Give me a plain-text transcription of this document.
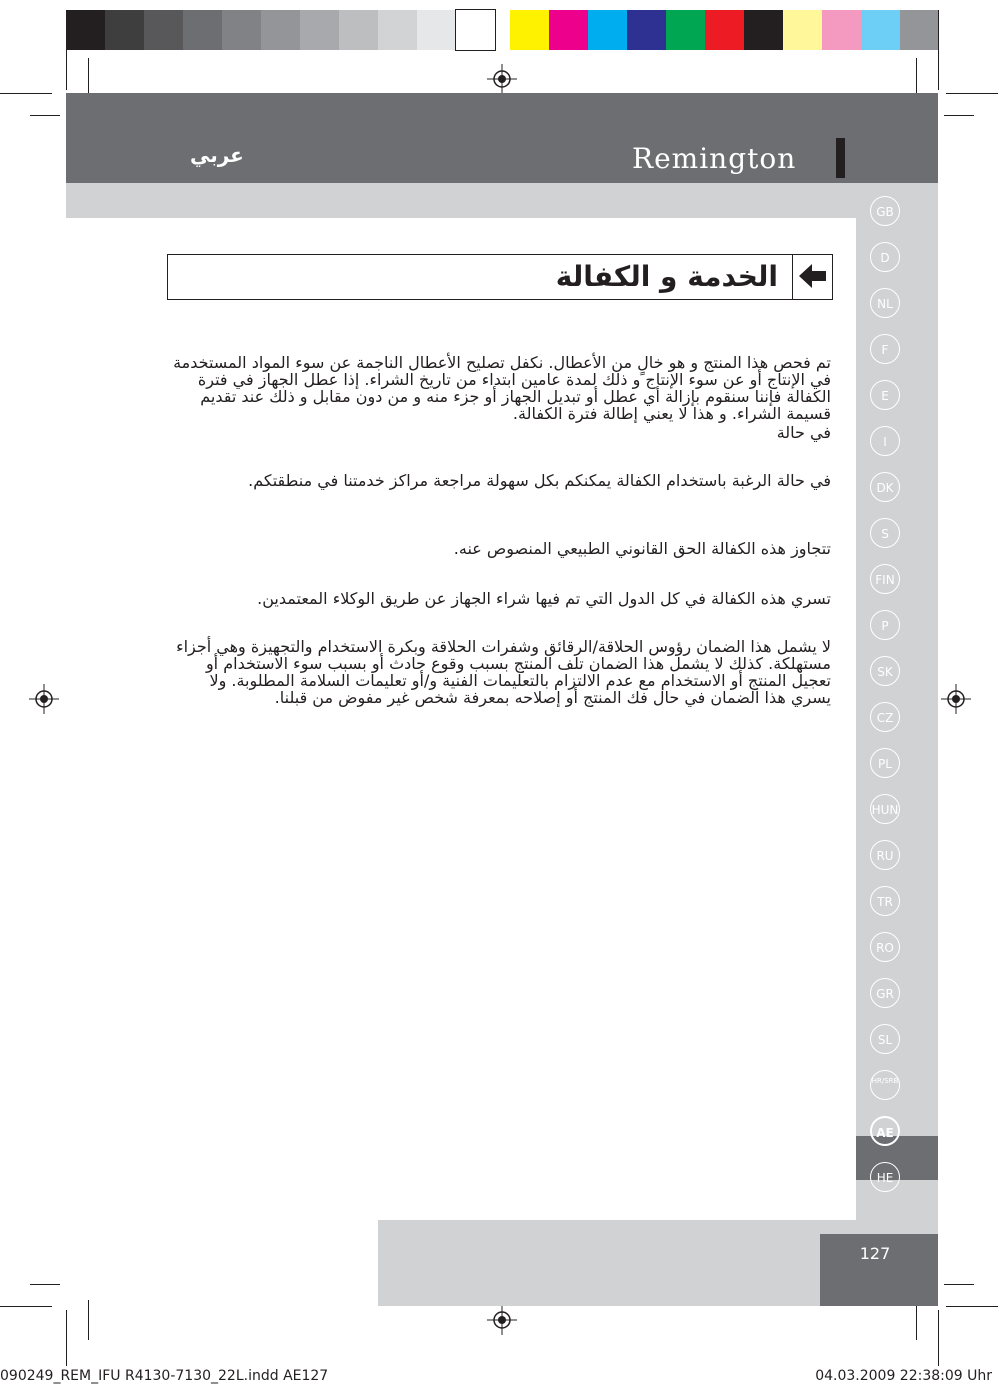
عربي	Remington
127
GB
D
NL
F
E
I
DK
S
FIN
P
SK
CZ
PL
HUN
RU
TR
RO
GR
SL
HR/SRB
AE
HE
الخدمة و الكفالة

تم فحص هذا المنتج و هو خالٍ من الأعطال. نكفل تصليح الأعطال الناجمة عن سوء المواد المستخدمة في الإنتاج أو عن سوء الإنتاج و ذلك لمدة عامين ابتداء من تاريخ الشراء. إذا عطل الجهاز في فترة الكفالة فإننا سنقوم بإزالة أي عطل أو تبديل الجهاز أو جزء منه و من دون مقابل و ذلك عند تقديم قسيمة الشراء. و هذا لا يعني إطالة فترة الكفالة.

في حالة

في حالة الرغبة باستخدام الكفالة يمكنكم بكل سهولة مراجعة مراكز خدمتنا في منطقتكم.

تتجاوز هذه الكفالة الحق القانوني الطبيعي المنصوص عنه.

تسري هذه الكفالة في كل الدول التي تم فيها شراء الجهاز عن طريق الوكلاء المعتمدين.

لا يشمل هذا الضمان رؤوس الحلاقة/الرقائق وشفرات الحلاقة وبكرة الاستخدام والتجهيزة وهي أجزاء مستهلكة. كذلك لا يشمل هذا الضمان تلف المنتج بسبب وقوع حادث أو بسبب سوء الاستخدام أو تعجيل المنتج أو الاستخدام مع عدم الالتزام بالتعليمات الفنية و/أو تعليمات السلامة المطلوبة. ولا يسري هذا الضمان في حال فك المنتج أو إصلاحه بمعرفة شخص غير مفوض من قبلنا.

090249_REM_IFU R4130-7130_22L.indd AE127	04.03.2009 22:38:09 Uhr
